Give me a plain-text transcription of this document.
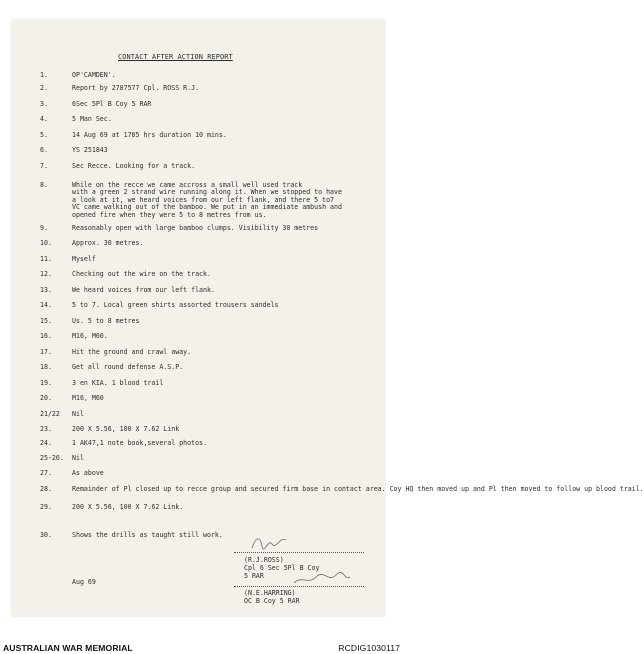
CONTACT AFTER ACTION REPORT
1.	OP'CAMDEN'.
2.	Report by 2787577 Cpl. ROSS R.J.
3.	6Sec 5Pl B Coy 5 RAR
4.	5 Man Sec.
5.	14 Aug 69 at 1705 hrs duration 10 mins.
6.	YS 251843
7.	Sec Recce. Looking for a track.
8.	While on the recce we came accross a small well used track
with a green 2 strand wire running along it. When we stopped to have
a look at it, we heard voices from our left flank, and there 5 to7
VC came walking out of the bamboo. We put in an immediate ambush and
opened fire when they were 5 to 8 metres from us.
9.	Reasonably open with large bamboo clumps. Visibility 30 metres
10.	Approx. 30 metres.
11.	Myself
12.	Checking out the wire on the track.
13.	We heard voices from our left flank.
14.	5 to 7. Local green shirts assorted trousers sandels
15.	Us. 5 to 8 metres
16.	M16, M60.
17.	Hit the ground and crawl away.
18.	Get all round defense A.S.P.
19.	3 en KIA. 1 blood trail
20.	M16, M60
21/22 Nil
23.	200 X 5.56, 100 X 7.62 Link
24.	1 AK47,1 note book,several photos.
25-26. Nil
27.	As above
28.	Remainder of Pl closed up to recce group and secured firm base in contact area. Coy HQ then moved up and Pl then moved to follow up blood trail.
29.	200 X 5.56, 100 X 7.62 Link.
30.	Shows the drills as taught still work.
(R.J.ROSS)
Cpl 6 Sec 5Pl B Coy
5 RAR
Aug 69
(N.E.HARRING)
OC B Coy 5 RAR
AUSTRALIAN WAR MEMORIAL	RCDIG1030117
